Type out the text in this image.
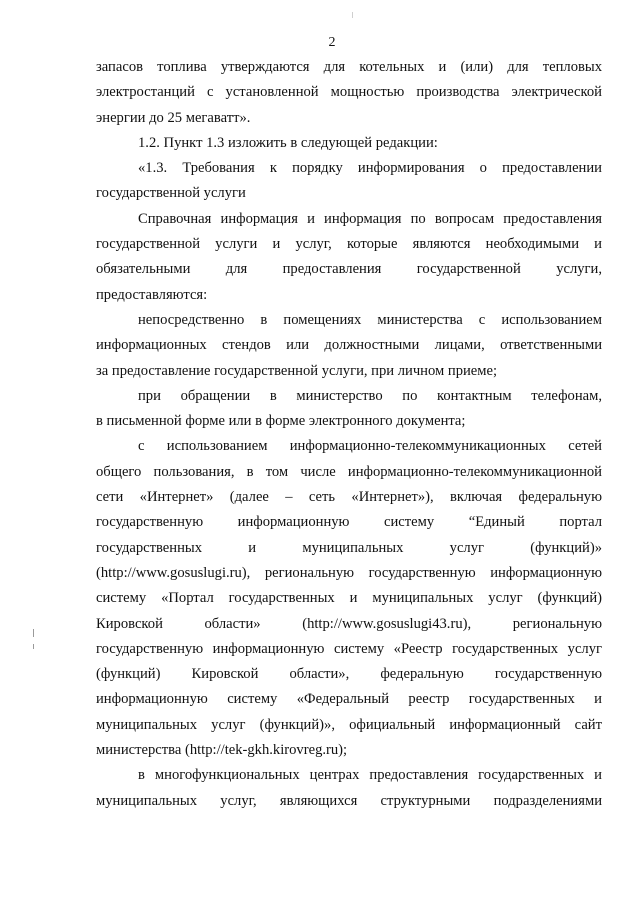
2

запасов топлива утверждаются для котельных и (или) для тепловых
электростанций с установленной мощностью производства электрической
энергии до 25 мегаватт».

1.2. Пункт 1.3 изложить в следующей редакции:

«1.3. Требования к порядку информирования о предоставлении
государственной услуги

Справочная информация и информация по вопросам предоставления
государственной услуги и услуг, которые являются необходимыми и
обязательными для предоставления государственной услуги,
предоставляются:

непосредственно в помещениях министерства с использованием
информационных стендов или должностными лицами, ответственными
за предоставление государственной услуги, при личном приеме;

при обращении в министерство по контактным телефонам,
в письменной форме или в форме электронного документа;

с использованием информационно-телекоммуникационных сетей
общего пользования, в том числе информационно-телекоммуникационной
сети «Интернет» (далее – сеть «Интернет»), включая федеральную
государственную информационную систему “Единый портал
государственных и муниципальных услуг (функций)»
(http://www.gosuslugi.ru), региональную государственную информационную
систему «Портал государственных и муниципальных услуг (функций)
Кировской области» (http://www.gosuslugi43.ru), региональную
государственную информационную систему «Реестр государственных услуг
(функций) Кировской области», федеральную государственную
информационную систему «Федеральный реестр государственных и
муниципальных услуг (функций)», официальный информационный сайт
министерства (http://tek-gkh.kirovreg.ru);

в многофункциональных центрах предоставления государственных и
муниципальных услуг, являющихся структурными подразделениями
